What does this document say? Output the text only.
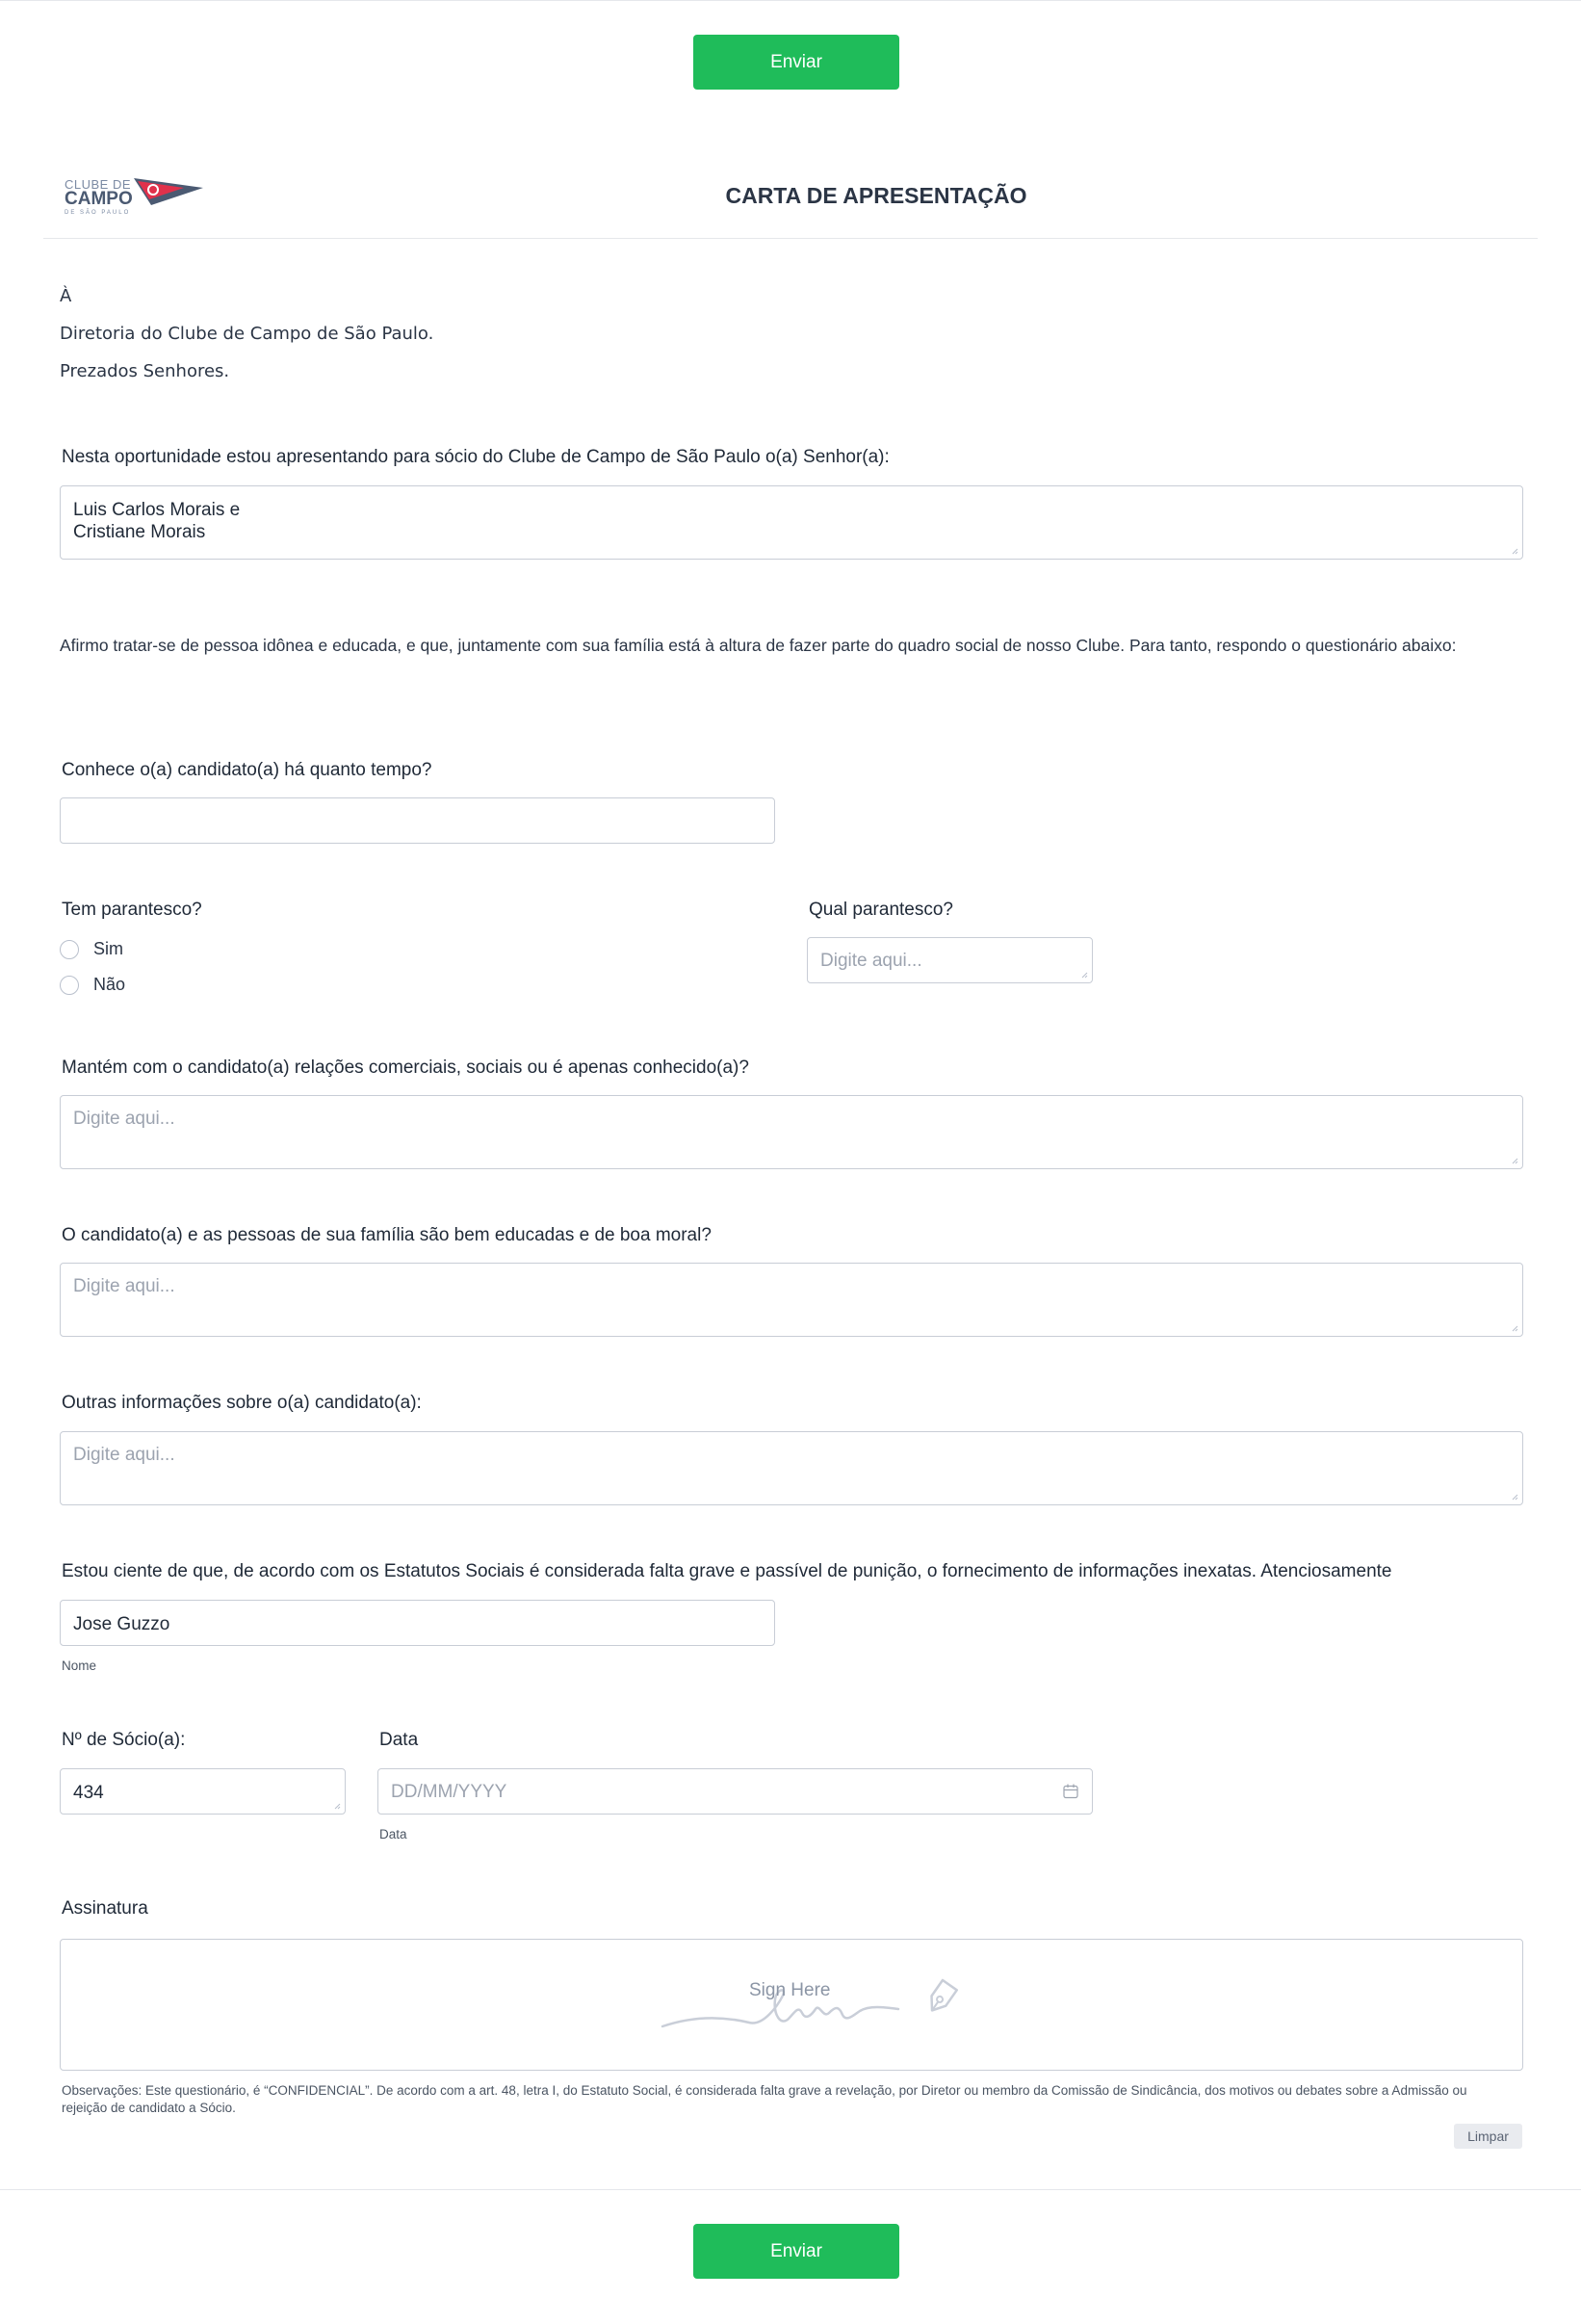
Enviar
CLUBE DE
CAMPO
DE SÃO PAULO
CARTA DE APRESENTAÇÃO
À
Diretoria do Clube de Campo de São Paulo.
Prezados Senhores.
Nesta oportunidade estou apresentando para sócio do Clube de Campo de São Paulo o(a) Senhor(a):
Luis Carlos Morais e
Cristiane Morais
Afirmo tratar-se de pessoa idônea e educada, e que, juntamente com sua família está à altura de fazer parte do quadro social de nosso Clube. Para tanto, respondo o questionário abaixo:
Conhece o(a) candidato(a) há quanto tempo?
Tem parantesco?
Sim
Não
Qual parantesco?
Digite aqui...
Mantém com o candidato(a) relações comerciais, sociais ou é apenas conhecido(a)?
Digite aqui...
O candidato(a) e as pessoas de sua família são bem educadas e de boa moral?
Digite aqui...
Outras informações sobre o(a) candidato(a):
Digite aqui...
Estou ciente de que, de acordo com os Estatutos Sociais é considerada falta grave e passível de punição, o fornecimento de informações inexatas. Atenciosamente
Jose Guzzo
Nome
Nº de Sócio(a):
434
Data
DD/MM/YYYY
Data
Assinatura
Sign Here
Observações: Este questionário, é “CONFIDENCIAL”. De acordo com a art. 48, letra I, do Estatuto Social, é considerada falta grave a revelação, por Diretor ou membro da Comissão de Sindicância, dos motivos ou debates sobre a Admissão ou rejeição de candidato a Sócio.
Limpar
Enviar
